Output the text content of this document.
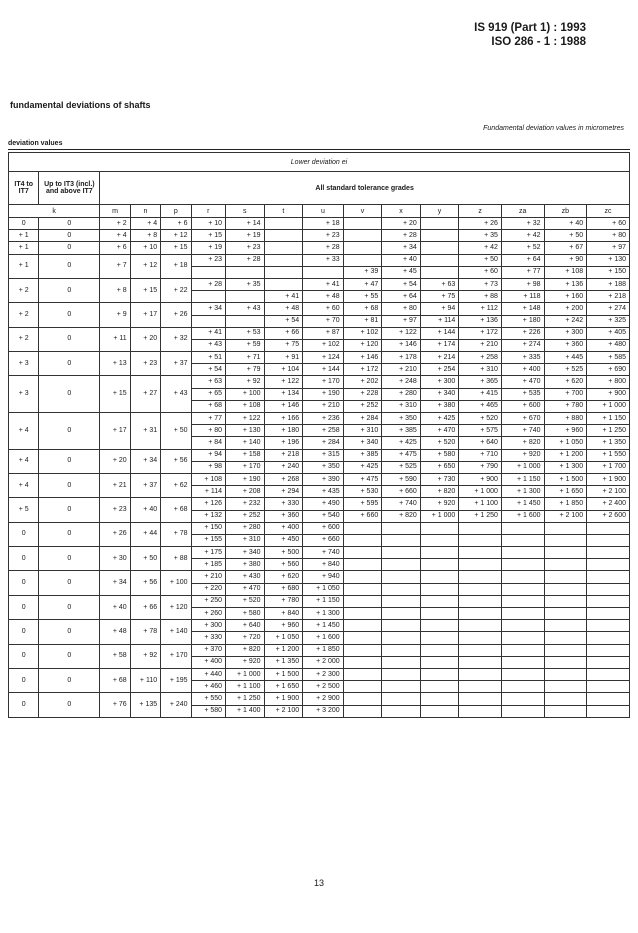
IS 919 (Part 1) : 1993
ISO 286 - 1 : 1988
fundamental deviations of shafts
Fundamental deviation values in micrometres
deviation values
Lower deviation ei															
IT4 to IT7	Up to IT3 (incl.) and above IT7	All standard tolerance grades													
k		m	n	p	r	s	t	u	v	x	y	z	za	zb	zc
0	0	+ 2	+ 4	+ 6	+ 10	+ 14		+ 18		+ 20		+ 26	+ 32	+ 40	+ 60
+ 1	0	+ 4	+ 8	+ 12	+ 15	+ 19		+ 23		+ 28		+ 35	+ 42	+ 50	+ 80
+ 1	0	+ 6	+ 10	+ 15	+ 19	+ 23		+ 28		+ 34		+ 42	+ 52	+ 67	+ 97
+ 1	0	+ 7	+ 12	+ 18	+ 23	+ 28		+ 33		+ 40		+ 50	+ 64	+ 90	+ 130
									+ 39	+ 45		+ 60	+ 77	+ 108	+ 150
+ 2	0	+ 8	+ 15	+ 22	+ 28	+ 35		+ 41	+ 47	+ 54	+ 63	+ 73	+ 98	+ 136	+ 188
							+ 41	+ 48	+ 55	+ 64	+ 75	+ 88	+ 118	+ 160	+ 218
+ 2	0	+ 9	+ 17	+ 26	+ 34	+ 43	+ 48	+ 60	+ 68	+ 80	+ 94	+ 112	+ 148	+ 200	+ 274
							+ 54	+ 70	+ 81	+ 97	+ 114	+ 136	+ 180	+ 242	+ 325
+ 2	0	+ 11	+ 20	+ 32	+ 41	+ 53	+ 66	+ 87	+ 102	+ 122	+ 144	+ 172	+ 226	+ 300	+ 405
					+ 43	+ 59	+ 75	+ 102	+ 120	+ 146	+ 174	+ 210	+ 274	+ 360	+ 480
+ 3	0	+ 13	+ 23	+ 37	+ 51	+ 71	+ 91	+ 124	+ 146	+ 178	+ 214	+ 258	+ 335	+ 445	+ 585
					+ 54	+ 79	+ 104	+ 144	+ 172	+ 210	+ 254	+ 310	+ 400	+ 525	+ 690
+ 3	0	+ 15	+ 27	+ 43	+ 63	+ 92	+ 122	+ 170	+ 202	+ 248	+ 300	+ 365	+ 470	+ 620	+ 800
					+ 65	+ 100	+ 134	+ 190	+ 228	+ 280	+ 340	+ 415	+ 535	+ 700	+ 900
					+ 68	+ 108	+ 146	+ 210	+ 252	+ 310	+ 380	+ 465	+ 600	+ 780	+ 1 000
+ 4	0	+ 17	+ 31	+ 50	+ 77	+ 122	+ 166	+ 236	+ 284	+ 350	+ 425	+ 520	+ 670	+ 880	+ 1 150
					+ 80	+ 130	+ 180	+ 258	+ 310	+ 385	+ 470	+ 575	+ 740	+ 960	+ 1 250
					+ 84	+ 140	+ 196	+ 284	+ 340	+ 425	+ 520	+ 640	+ 820	+ 1 050	+ 1 350
+ 4	0	+ 20	+ 34	+ 56	+ 94	+ 158	+ 218	+ 315	+ 385	+ 475	+ 580	+ 710	+ 920	+ 1 200	+ 1 550
					+ 98	+ 170	+ 240	+ 350	+ 425	+ 525	+ 650	+ 790	+ 1 000	+ 1 300	+ 1 700
+ 4	0	+ 21	+ 37	+ 62	+ 108	+ 190	+ 268	+ 390	+ 475	+ 590	+ 730	+ 900	+ 1 150	+ 1 500	+ 1 900
					+ 114	+ 208	+ 294	+ 435	+ 530	+ 660	+ 820	+ 1 000	+ 1 300	+ 1 650	+ 2 100
+ 5	0	+ 23	+ 40	+ 68	+ 126	+ 232	+ 330	+ 490	+ 595	+ 740	+ 920	+ 1 100	+ 1 450	+ 1 850	+ 2 400
					+ 132	+ 252	+ 360	+ 540	+ 660	+ 820	+ 1 000	+ 1 250	+ 1 600	+ 2 100	+ 2 600
0	0	+ 26	+ 44	+ 78	+ 150	+ 280	+ 400	+ 600							
					+ 155	+ 310	+ 450	+ 660							
0	0	+ 30	+ 50	+ 88	+ 175	+ 340	+ 500	+ 740							
					+ 185	+ 380	+ 560	+ 840							
0	0	+ 34	+ 56	+ 100	+ 210	+ 430	+ 620	+ 940							
					+ 220	+ 470	+ 680	+ 1 050							
0	0	+ 40	+ 66	+ 120	+ 250	+ 520	+ 780	+ 1 150							
					+ 260	+ 580	+ 840	+ 1 300							
0	0	+ 48	+ 78	+ 140	+ 300	+ 640	+ 960	+ 1 450							
					+ 330	+ 720	+ 1 050	+ 1 600							
0	0	+ 58	+ 92	+ 170	+ 370	+ 820	+ 1 200	+ 1 850							
					+ 400	+ 920	+ 1 350	+ 2 000							
0	0	+ 68	+ 110	+ 195	+ 440	+ 1 000	+ 1 500	+ 2 300							
					+ 460	+ 1 100	+ 1 650	+ 2 500							
0	0	+ 76	+ 135	+ 240	+ 550	+ 1 250	+ 1 900	+ 2 900							
					+ 580	+ 1 400	+ 2 100	+ 3 200							
13
